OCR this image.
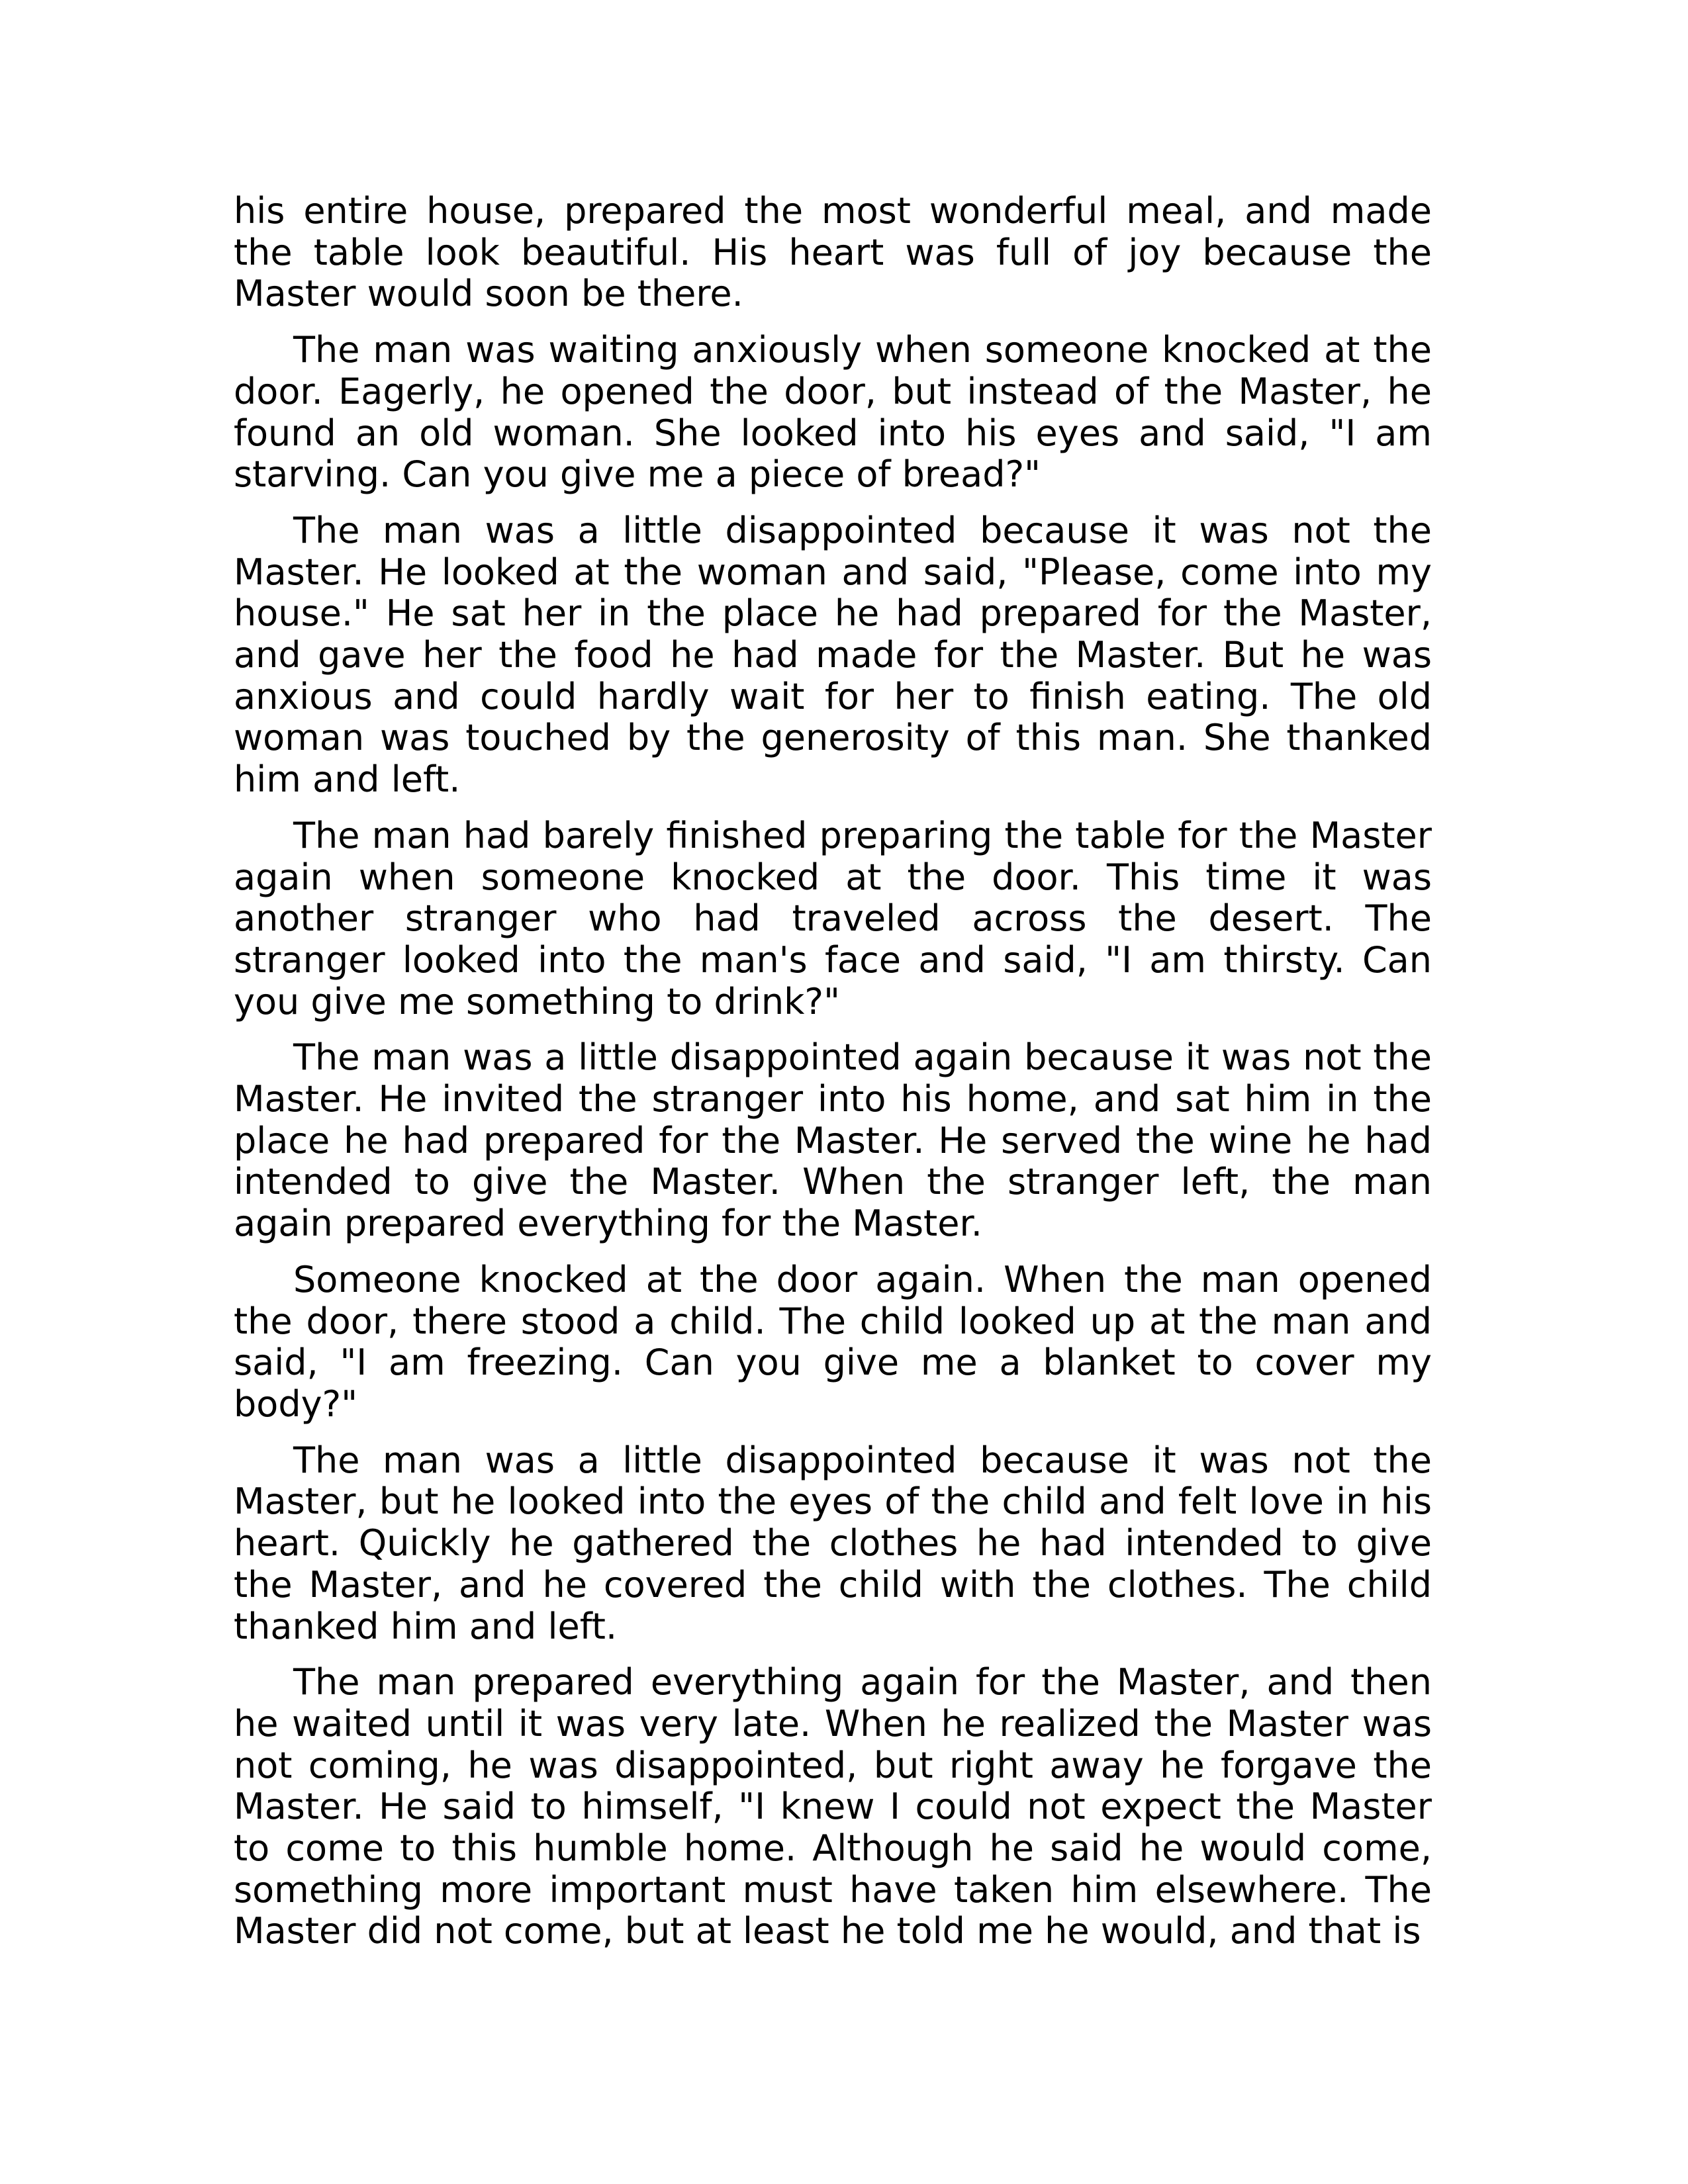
his entire house, prepared the most wonderful meal, and made the table look beautiful. His heart was full of joy because the Master would soon be there.

The man was waiting anxiously when someone knocked at the door. Eagerly, he opened the door, but instead of the Master, he found an old woman. She looked into his eyes and said, "I am starving. Can you give me a piece of bread?"

The man was a little disappointed because it was not the Master. He looked at the woman and said, "Please, come into my house." He sat her in the place he had prepared for the Master, and gave her the food he had made for the Master. But he was anxious and could hardly wait for her to finish eating. The old woman was touched by the generosity of this man. She thanked him and left.

The man had barely finished preparing the table for the Master again when someone knocked at the door. This time it was another stranger who had traveled across the desert. The stranger looked into the man's face and said, "I am thirsty. Can you give me something to drink?"

The man was a little disappointed again because it was not the Master. He invited the stranger into his home, and sat him in the place he had prepared for the Master. He served the wine he had intended to give the Master. When the stranger left, the man again prepared everything for the Master.

Someone knocked at the door again. When the man opened the door, there stood a child. The child looked up at the man and said, "I am freezing. Can you give me a blanket to cover my body?"

The man was a little disappointed because it was not the Master, but he looked into the eyes of the child and felt love in his heart. Quickly he gathered the clothes he had intended to give the Master, and he covered the child with the clothes. The child thanked him and left.

The man prepared everything again for the Master, and then he waited until it was very late. When he realized the Master was not coming, he was disappointed, but right away he forgave the Master. He said to himself, "I knew I could not expect the Master to come to this humble home. Although he said he would come, something more important must have taken him elsewhere. The Master did not come, but at least he told me he would, and that is
